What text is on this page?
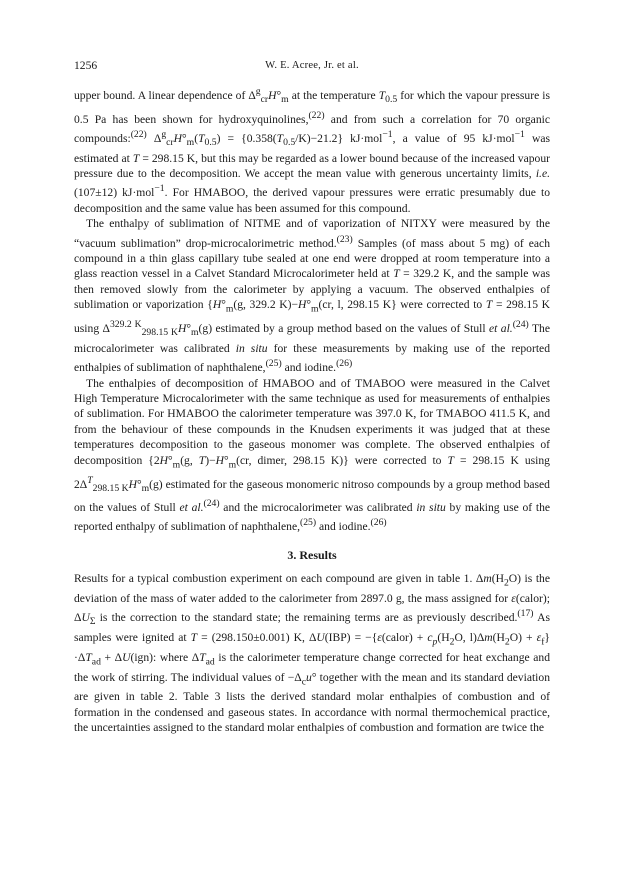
1256	W. E. Acree, Jr. et al.

upper bound. A linear dependence of $\Delta^g_{cr}H^\circ_m$ at the temperature $T_{0.5}$ for which the vapour pressure is 0.5 Pa has been shown for hydroxyquinolines,$^{(22)}$ and from such a correlation for 70 organic compounds:$^{(22)}$ $\Delta^g_{cr}H^\circ_m(T_{0.5}) = \{0.358(T_{0.5}/K)-21.2\}$ kJ·mol$^{-1}$, a value of 95 kJ·mol$^{-1}$ was estimated at T = 298.15 K, but this may be regarded as a lower bound because of the increased vapour pressure due to the decomposition. We accept the mean value with generous uncertainty limits, i.e. (107±12) kJ·mol$^{-1}$. For HMABOO, the derived vapour pressures were erratic presumably due to decomposition and the same value has been assumed for this compound.

The enthalpy of sublimation of NITME and of vaporization of NITXY were measured by the “vacuum sublimation” drop-microcalorimetric method.$^{(23)}$ Samples (of mass about 5 mg) of each compound in a thin glass capillary tube sealed at one end were dropped at room temperature into a glass reaction vessel in a Calvet Standard Microcalorimeter held at T = 329.2 K, and the sample was then removed slowly from the calorimeter by applying a vacuum. The observed enthalpies of sublimation or vaporization {$H^\circ_m(g$, 329.2 $K)-H^\circ_m(cr$, l, 298.15 K} were corrected to T = 298.15 K using $\Delta^{329.2 K}_{298.15 K}H^\circ_m(g)$ estimated by a group method based on the values of Stull et al.$^{(24)}$ The microcalorimeter was calibrated in situ for these measurements by making use of the reported enthalpies of sublimation of naphthalene,$^{(25)}$ and iodine.$^{(26)}$

The enthalpies of decomposition of HMABOO and of TMABOO were measured in the Calvet High Temperature Microcalorimeter with the same technique as used for measurements of enthalpies of sublimation. For HMABOO the calorimeter temperature was 397.0 K, for TMABOO 411.5 K, and from the behaviour of these compounds in the Knudsen experiments it was judged that at these temperatures decomposition to the gaseous monomer was complete. The observed enthalpies of decomposition {$2H^\circ_m(g$, $T)-H^\circ_m(cr$, dimer, 298.15 K)} were corrected to T = 298.15 K using $2\Delta^T_{298.15 K}H^\circ_m(g)$ estimated for the gaseous monomeric nitroso compounds by a group method based on the values of Stull et al.$^{(24)}$ and the microcalorimeter was calibrated in situ by making use of the reported enthalpy of sublimation of naphthalene,$^{(25)}$ and iodine.$^{(26)}$

3. Results

Results for a typical combustion experiment on each compound are given in table 1. $\Delta m(H_2O)$ is the deviation of the mass of water added to the calorimeter from 2897.0 g, the mass assigned for ε(calor); $\Delta U_\Sigma$ is the correction to the standard state; the remaining terms are as previously described.$^{(17)}$ As samples were ignited at T = (298.150±0.001) K, ΔU(IBP) = −{ε(calor) + $c_p(H_2O$, $l)\Delta m(H_2O) + \varepsilon_f\}\cdot\Delta T_{ad} + \Delta U(ign)$: where $\Delta T_{ad}$ is the calorimeter temperature change corrected for heat exchange and the work of stirring. The individual values of $-\Delta_cu^\circ$ together with the mean and its standard deviation are given in table 2. Table 3 lists the derived standard molar enthalpies of combustion and of formation in the condensed and gaseous states. In accordance with normal thermochemical practice, the uncertainties assigned to the standard molar enthalpies of combustion and formation are twice the
